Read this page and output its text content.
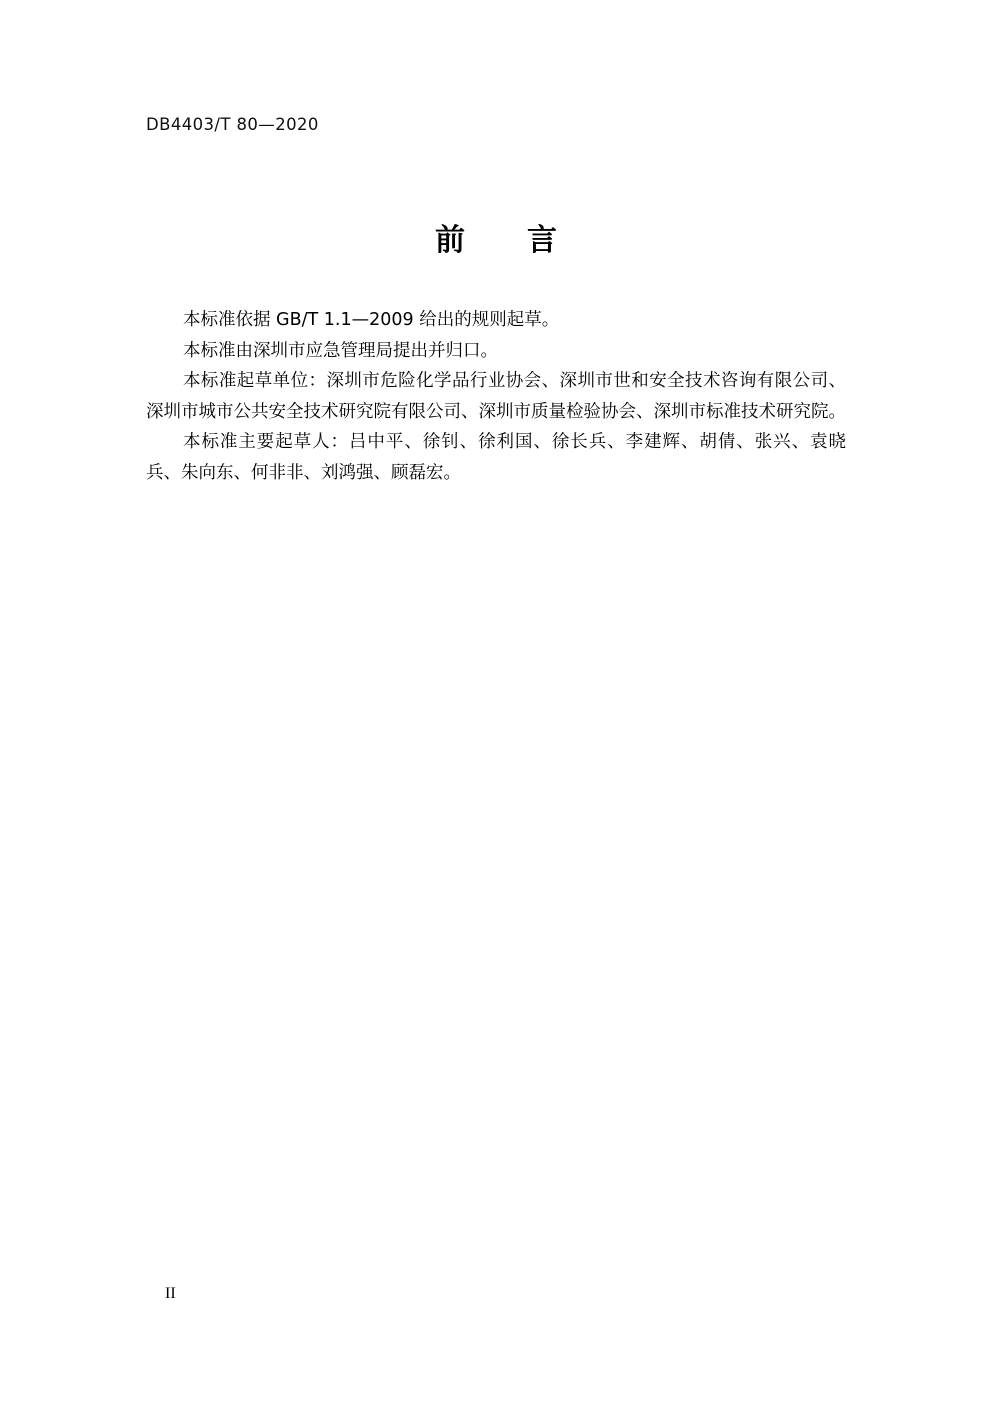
DB4403/T 80—2020
前　言

本标准依据 GB/T 1.1—2009 给出的规则起草。

本标准由深圳市应急管理局提出并归口。

本标准起草单位：深圳市危险化学品行业协会、深圳市世和安全技术咨询有限公司、深圳市城市公共安全技术研究院有限公司、深圳市质量检验协会、深圳市标准技术研究院。

本标准主要起草人：吕中平、徐钊、徐利国、徐长兵、李建辉、胡倩、张兴、袁晓兵、朱向东、何非非、刘鸿强、顾磊宏。

II
